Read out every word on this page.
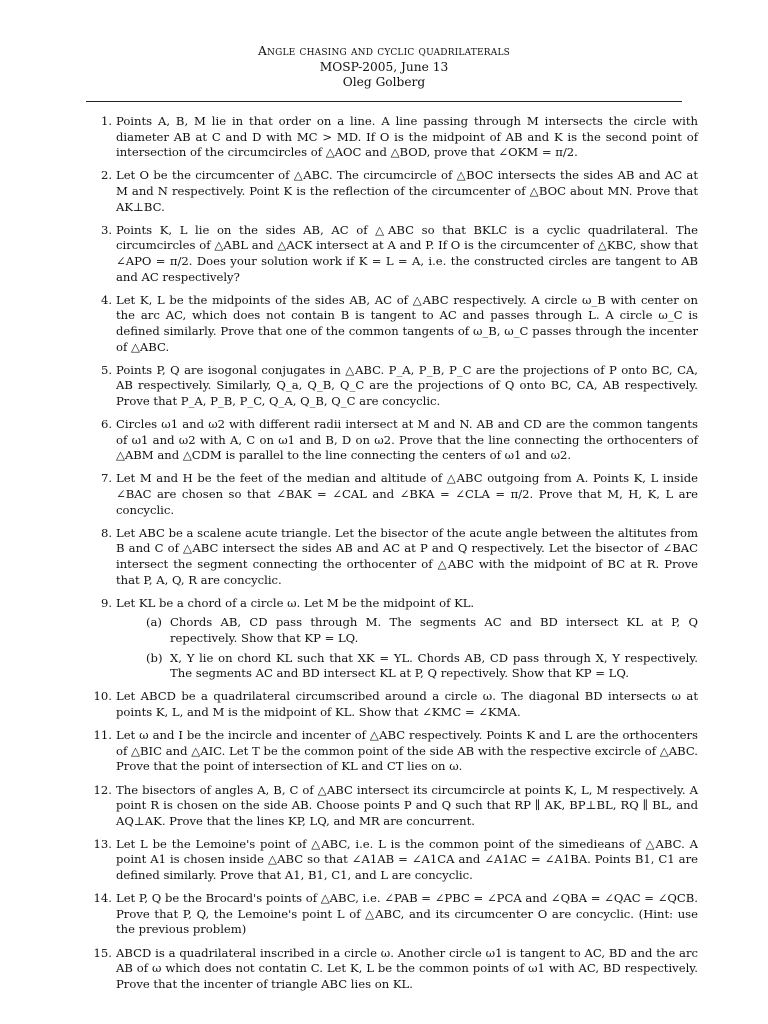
Angle chasing and cyclic quadrilaterals
MOSP-2005, June 13
Oleg Golberg
1. Points A, B, M lie in that order on a line. A line passing through M intersects the circle with diameter AB at C and D with MC > MD. If O is the midpoint of AB and K is the second point of intersection of the circumcircles of △AOC and △BOD, prove that ∠OKM = π/2.
2. Let O be the circumcenter of △ABC. The circumcircle of △BOC intersects the sides AB and AC at M and N respectively. Point K is the reflection of the circumcenter of △BOC about MN. Prove that AK⊥BC.
3. Points K, L lie on the sides AB, AC of △ABC so that BKLC is a cyclic quadrilateral. The circumcircles of △ABL and △ACK intersect at A and P. If O is the circumcenter of △KBC, show that ∠APO = π/2. Does your solution work if K = L = A, i.e. the constructed circles are tangent to AB and AC respectively?
4. Let K, L be the midpoints of the sides AB, AC of △ABC respectively. A circle ω_B with center on the arc AC, which does not contain B is tangent to AC and passes through L. A circle ω_C is defined similarly. Prove that one of the common tangents of ω_B, ω_C passes through the incenter of △ABC.
5. Points P, Q are isogonal conjugates in △ABC. P_A, P_B, P_C are the projections of P onto BC, CA, AB respectively. Similarly, Q_a, Q_B, Q_C are the projections of Q onto BC, CA, AB respectively. Prove that P_A, P_B, P_C, Q_A, Q_B, Q_C are concyclic.
6. Circles ω1 and ω2 with different radii intersect at M and N. AB and CD are the common tangents of ω1 and ω2 with A, C on ω1 and B, D on ω2. Prove that the line connecting the orthocenters of △ABM and △CDM is parallel to the line connecting the centers of ω1 and ω2.
7. Let M and H be the feet of the median and altitude of △ABC outgoing from A. Points K, L inside ∠BAC are chosen so that ∠BAK = ∠CAL and ∠BKA = ∠CLA = π/2. Prove that M, H, K, L are concyclic.
8. Let ABC be a scalene acute triangle. Let the bisector of the acute angle between the altitutes from B and C of △ABC intersect the sides AB and AC at P and Q respectively. Let the bisector of ∠BAC intersect the segment connecting the orthocenter of △ABC with the midpoint of BC at R. Prove that P, A, Q, R are concyclic.
9. Let KL be a chord of a circle ω. Let M be the midpoint of KL.
(a) Chords AB, CD pass through M. The segments AC and BD intersect KL at P, Q repectively. Show that KP = LQ.
(b) X, Y lie on chord KL such that XK = YL. Chords AB, CD pass through X, Y respectively. The segments AC and BD intersect KL at P, Q repectively. Show that KP = LQ.
10. Let ABCD be a quadrilateral circumscribed around a circle ω. The diagonal BD intersects ω at points K, L, and M is the midpoint of KL. Show that ∠KMC = ∠KMA.
11. Let ω and I be the incircle and incenter of △ABC respectively. Points K and L are the orthocenters of △BIC and △AIC. Let T be the common point of the side AB with the respective excircle of △ABC. Prove that the point of intersection of KL and CT lies on ω.
12. The bisectors of angles A, B, C of △ABC intersect its circumcircle at points K, L, M respectively. A point R is chosen on the side AB. Choose points P and Q such that RP ∥ AK, BP⊥BL, RQ ∥ BL, and AQ⊥AK. Prove that the lines KP, LQ, and MR are concurrent.
13. Let L be the Lemoine's point of △ABC, i.e. L is the common point of the simedieans of △ABC. A point A1 is chosen inside △ABC so that ∠A1AB = ∠A1CA and ∠A1AC = ∠A1BA. Points B1, C1 are defined similarly. Prove that A1, B1, C1, and L are concyclic.
14. Let P, Q be the Brocard's points of △ABC, i.e. ∠PAB = ∠PBC = ∠PCA and ∠QBA = ∠QAC = ∠QCB. Prove that P, Q, the Lemoine's point L of △ABC, and its circumcenter O are concyclic. (Hint: use the previous problem)
15. ABCD is a quadrilateral inscribed in a circle ω. Another circle ω1 is tangent to AC, BD and the arc AB of ω which does not contatin C. Let K, L be the common points of ω1 with AC, BD respectively. Prove that the incenter of triangle ABC lies on KL.
